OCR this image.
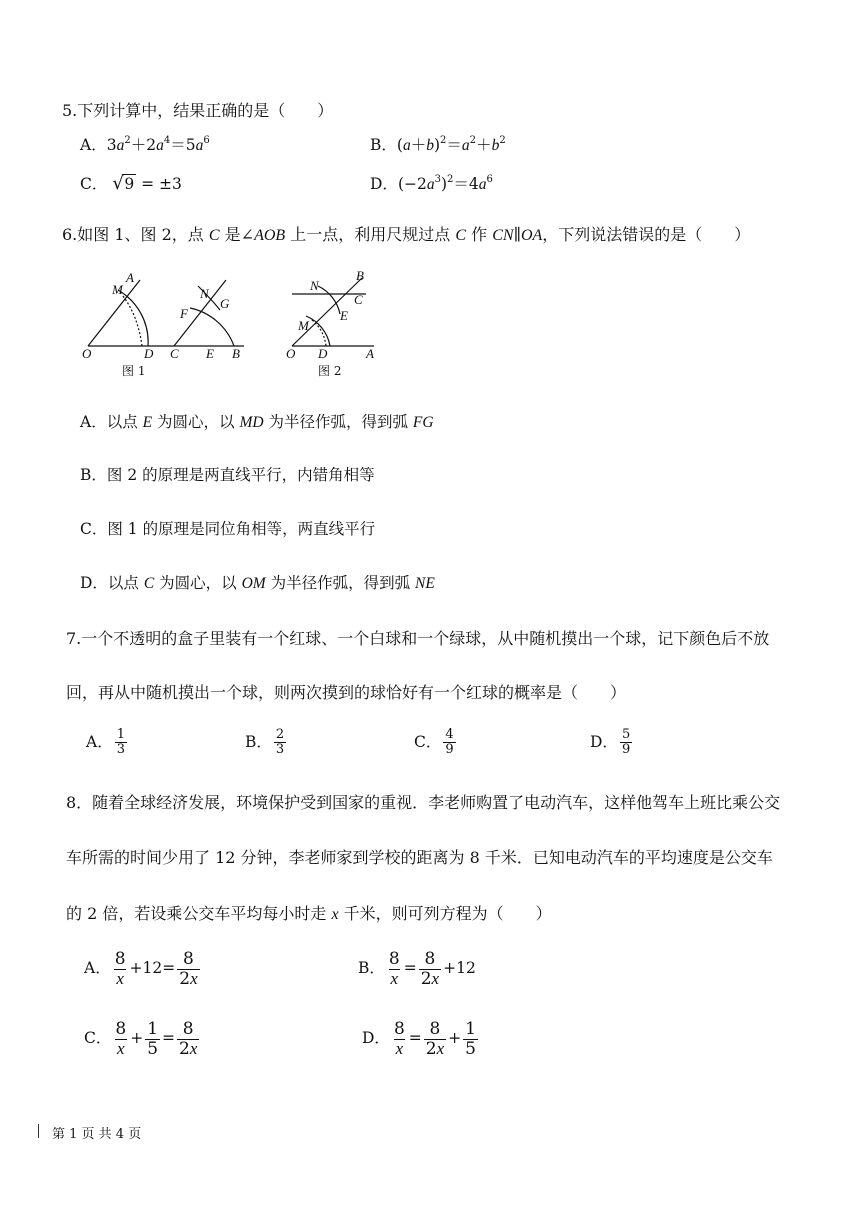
5.下列计算中，结果正确的是（　　）
A．$3a^2+2a^4=5a^6$	B．$(a+b)^2=a^2+b^2$
C． √ 9 = ±3	D．$(-2a^3)^2=4a^6$
6.如图 1、图 2，点 C 是∠AOB 上一点，利用尺规过点 C 作 CN∥OA，下列说法错误的是（　　）
A
M	N
G
F
O	D C E B
图 1
B
N
C
E
M
O D	A
图 2
A．以点 E 为圆心，以 MD 为半径作弧，得到弧 FG
B．图 2 的原理是两直线平行，内错角相等
C．图 1 的原理是同位角相等，两直线平行
D．以点 C 为圆心，以 OM 为半径作弧，得到弧 NE
7.一个不透明的盒子里装有一个红球、一个白球和一个绿球，从中随机摸出一个球，记下颜色后不放
回，再从中随机摸出一个球，则两次摸到的球恰好有一个红球的概率是（　　）
A． $\frac{1}{3}$	B． $\frac{2}{3}$	C． $\frac{4}{9}$	D． $\frac{5}{9}$
8．随着全球经济发展，环境保护受到国家的重视．李老师购置了电动汽车，这样他驾车上班比乘公交
车所需的时间少用了 12 分钟，李老师家到学校的距离为 8 千米．已知电动汽车的平均速度是公交车
的 2 倍，若设乘公交车平均每小时走 x 千米，则可列方程为（　　）
A． $\frac{8}{x} +12= \frac{8}{2x}$	B． $\frac{8}{x} = \frac{8}{2x} +12$
C． $\frac{8}{x} + \frac{1}{5} = \frac{8}{2x}$	D． $\frac{8}{x} = \frac{8}{2x} + \frac{1}{5}$
第 1 页 共 4 页
